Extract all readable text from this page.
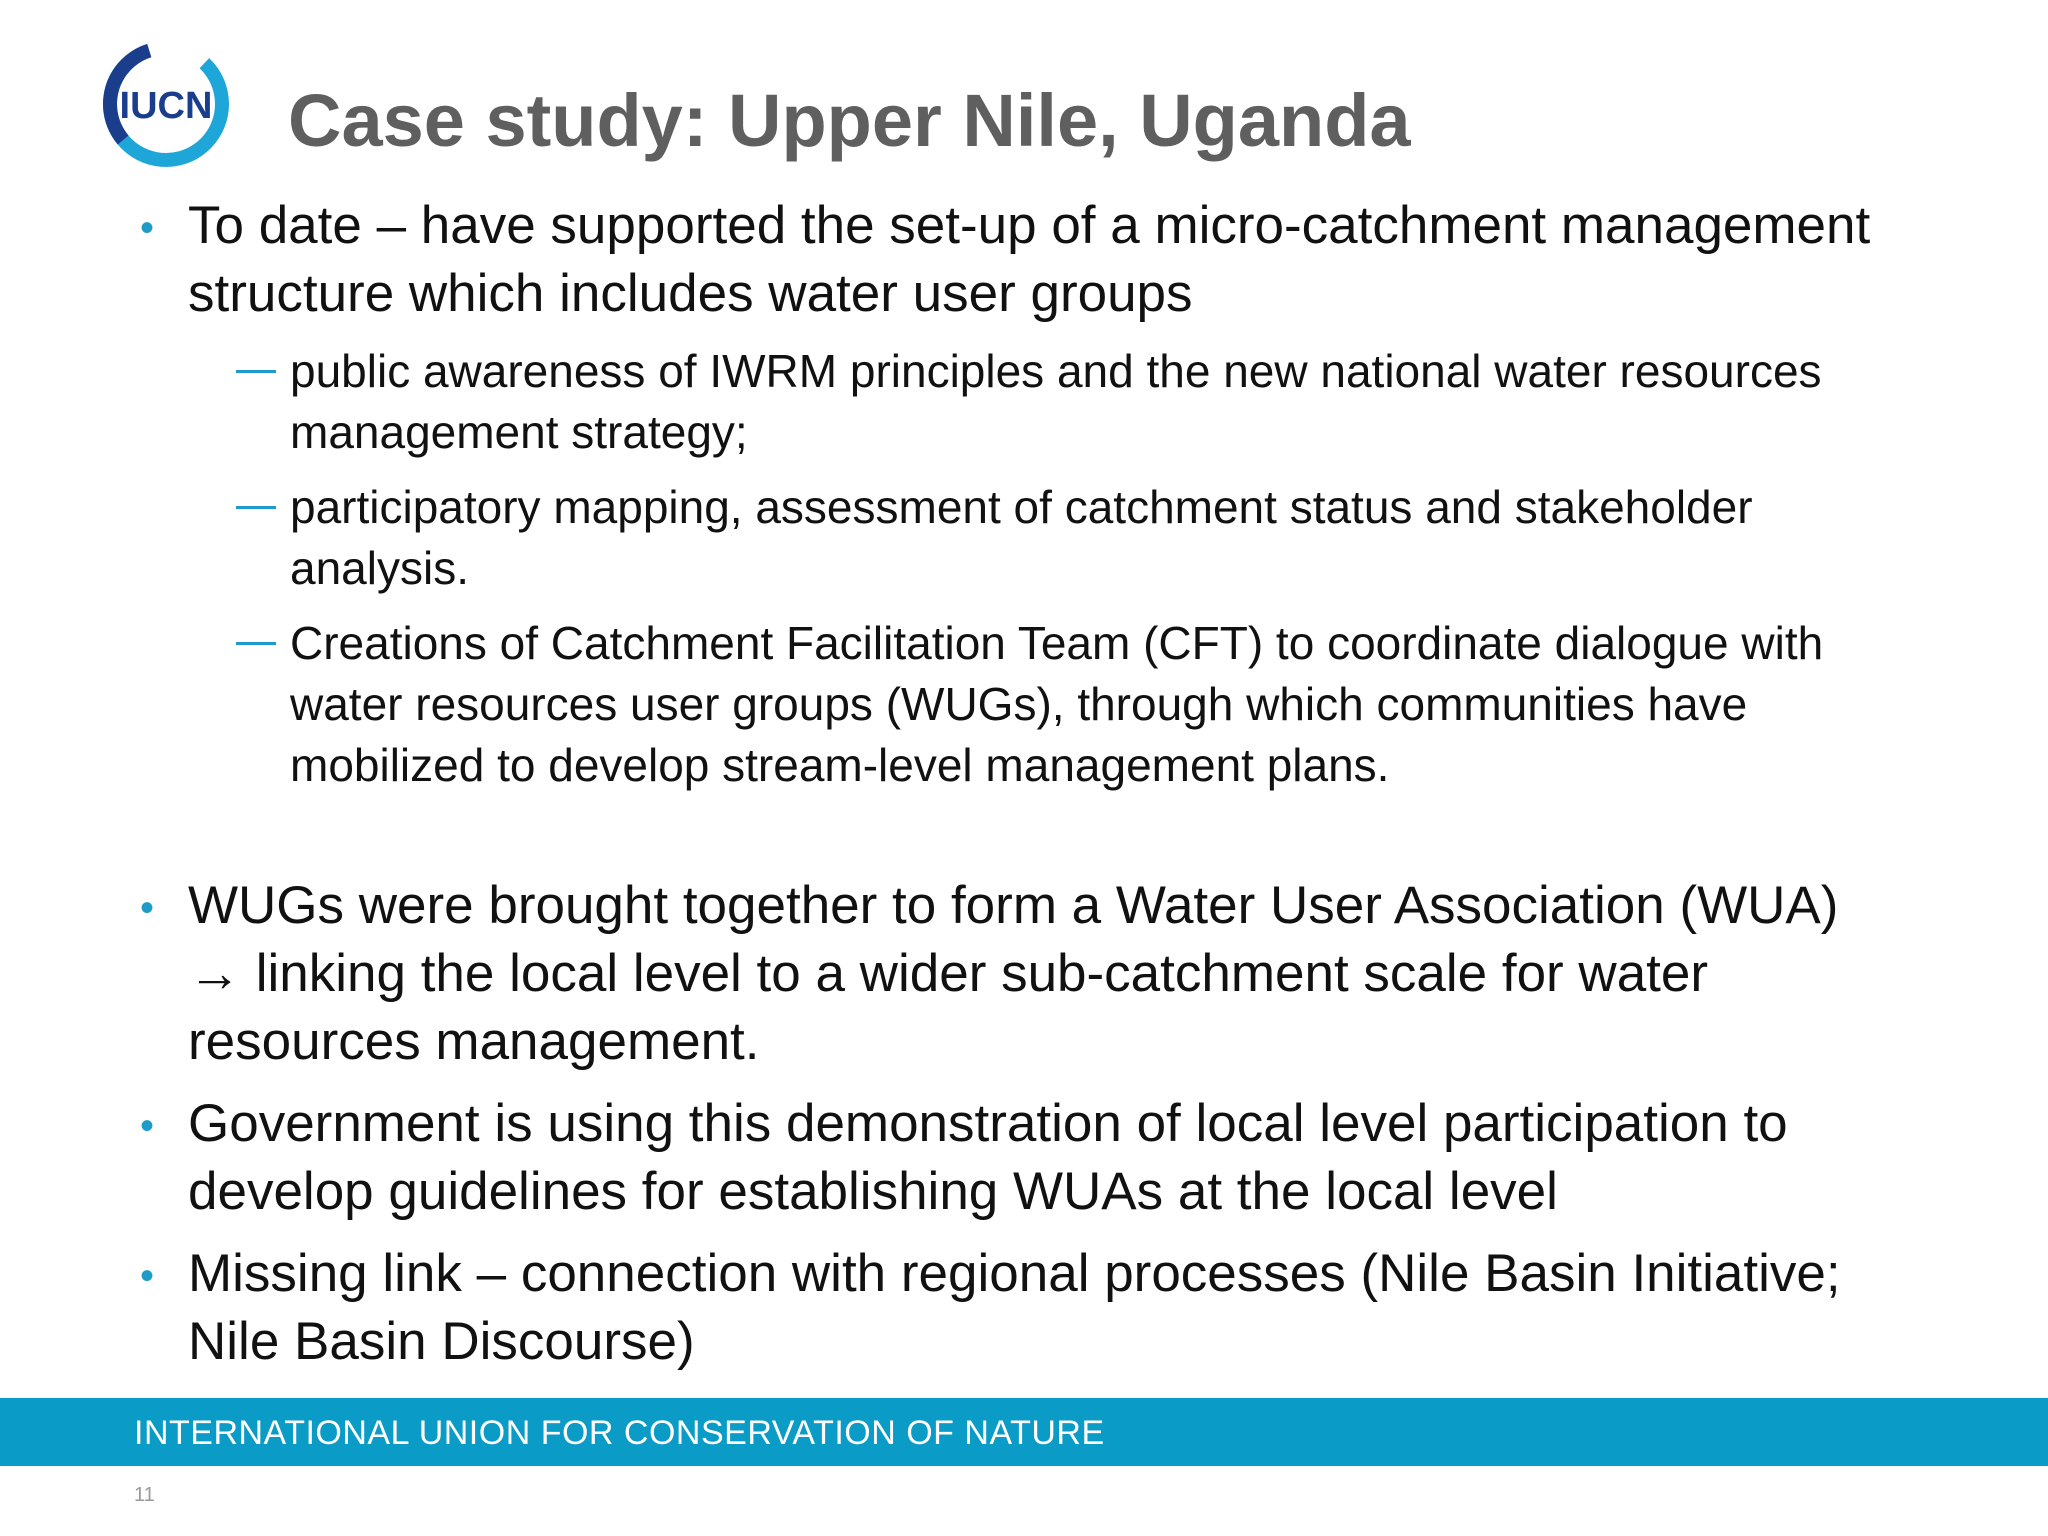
IUCN Case study: Upper Nile, Uganda
• To date – have supported the set-up of a micro-catchment management structure which includes water user groups

public awareness of IWRM principles and the new national water resources management strategy;

participatory mapping, assessment of catchment status and stakeholder analysis.

Creations of Catchment Facilitation Team (CFT) to coordinate dialogue with water resources user groups (WUGs), through which communities have mobilized to develop stream-level management plans.

• WUGs were brought together to form a Water User Association (WUA) → linking the local level to a wider sub-catchment scale for water resources management.

• Government is using this demonstration of local level participation to develop guidelines for establishing WUAs at the local level

• Missing link – connection with regional processes (Nile Basin Initiative; Nile Basin Discourse)

INTERNATIONAL UNION FOR CONSERVATION OF NATURE
11
